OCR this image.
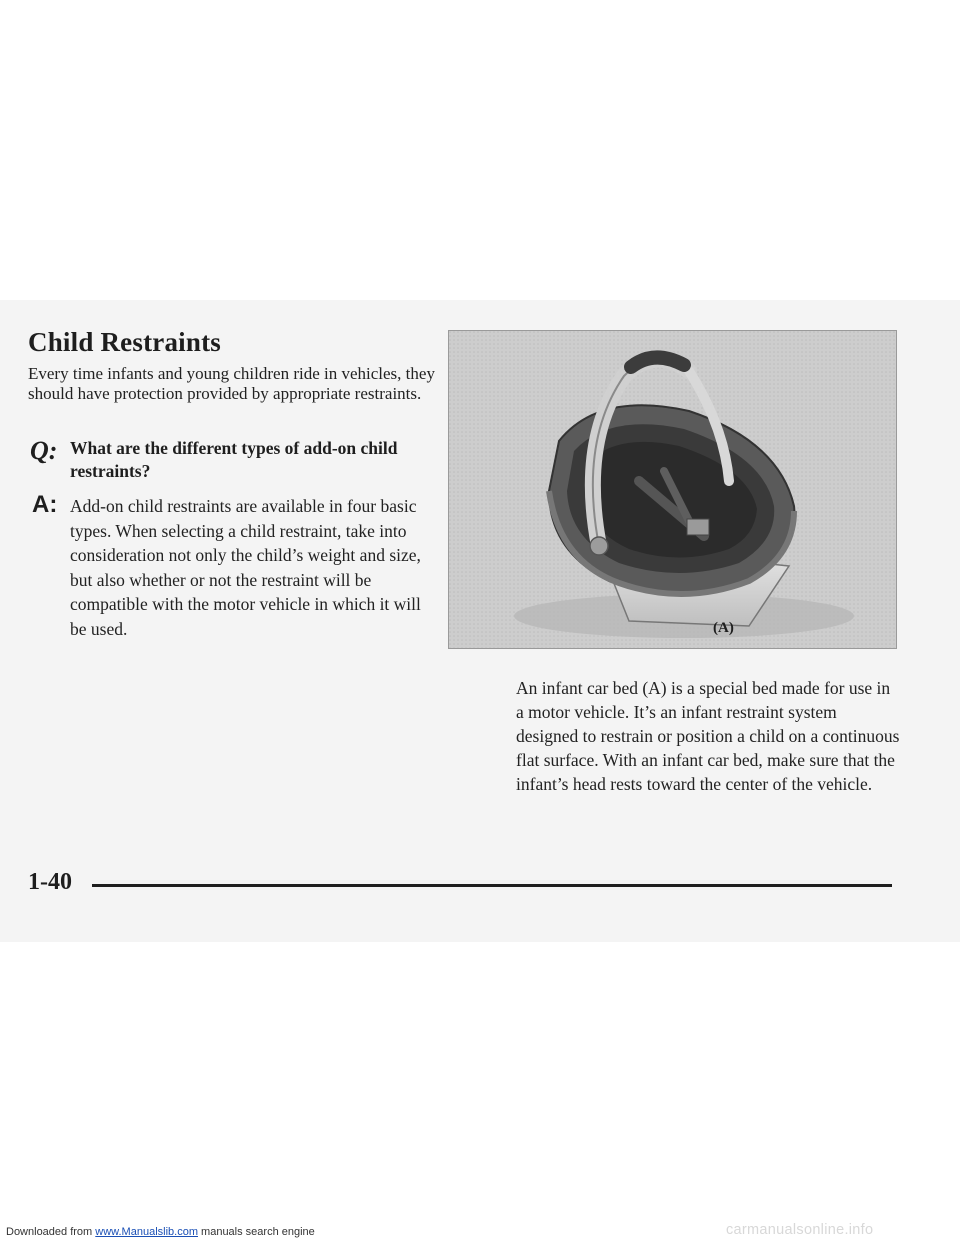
Child Restraints
Every time infants and young children ride in vehicles, they should have protection provided by appropriate restraints.
Q: What are the different types of add-on child restraints?
A: Add-on child restraints are available in four basic types. When selecting a child restraint, take into consideration not only the child’s weight and size, but also whether or not the restraint will be compatible with the motor vehicle in which it will be used.	(A)
An infant car bed (A) is a special bed made for use in a motor vehicle. It’s an infant restraint system designed to restrain or position a child on a continuous flat surface. With an infant car bed, make sure that the infant’s head rests toward the center of the vehicle.
1-40
Downloaded from www.Manualslib.com manuals search engine	carmanualsonline.info
